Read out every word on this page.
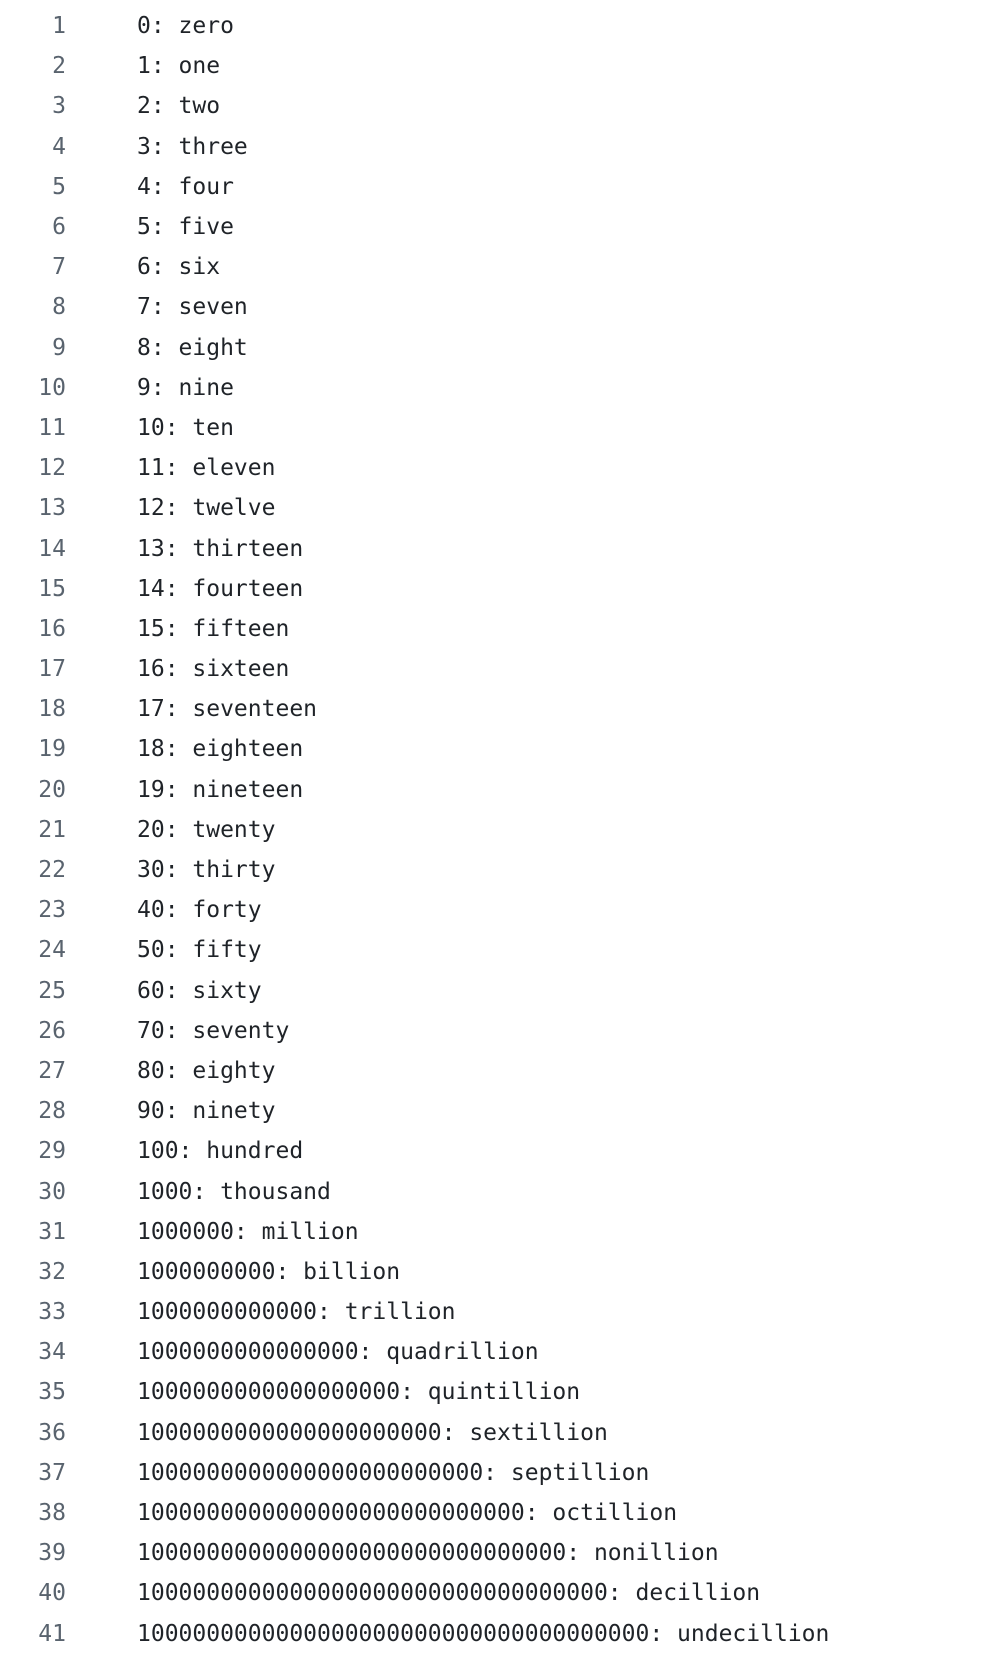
1	0: zero
2	1: one
3	2: two
4	3: three
5	4: four
6	5: five
7	6: six
8	7: seven
9	8: eight
10	9: nine
11	10: ten
12	11: eleven
13	12: twelve
14	13: thirteen
15	14: fourteen
16	15: fifteen
17	16: sixteen
18	17: seventeen
19	18: eighteen
20	19: nineteen
21	20: twenty
22	30: thirty
23	40: forty
24	50: fifty
25	60: sixty
26	70: seventy
27	80: eighty
28	90: ninety
29	100: hundred
30	1000: thousand
31	1000000: million
32	1000000000: billion
33	1000000000000: trillion
34	1000000000000000: quadrillion
35	1000000000000000000: quintillion
36	1000000000000000000000: sextillion
37	1000000000000000000000000: septillion
38	1000000000000000000000000000: octillion
39	1000000000000000000000000000000: nonillion
40	1000000000000000000000000000000000: decillion
41	1000000000000000000000000000000000000: undecillion
